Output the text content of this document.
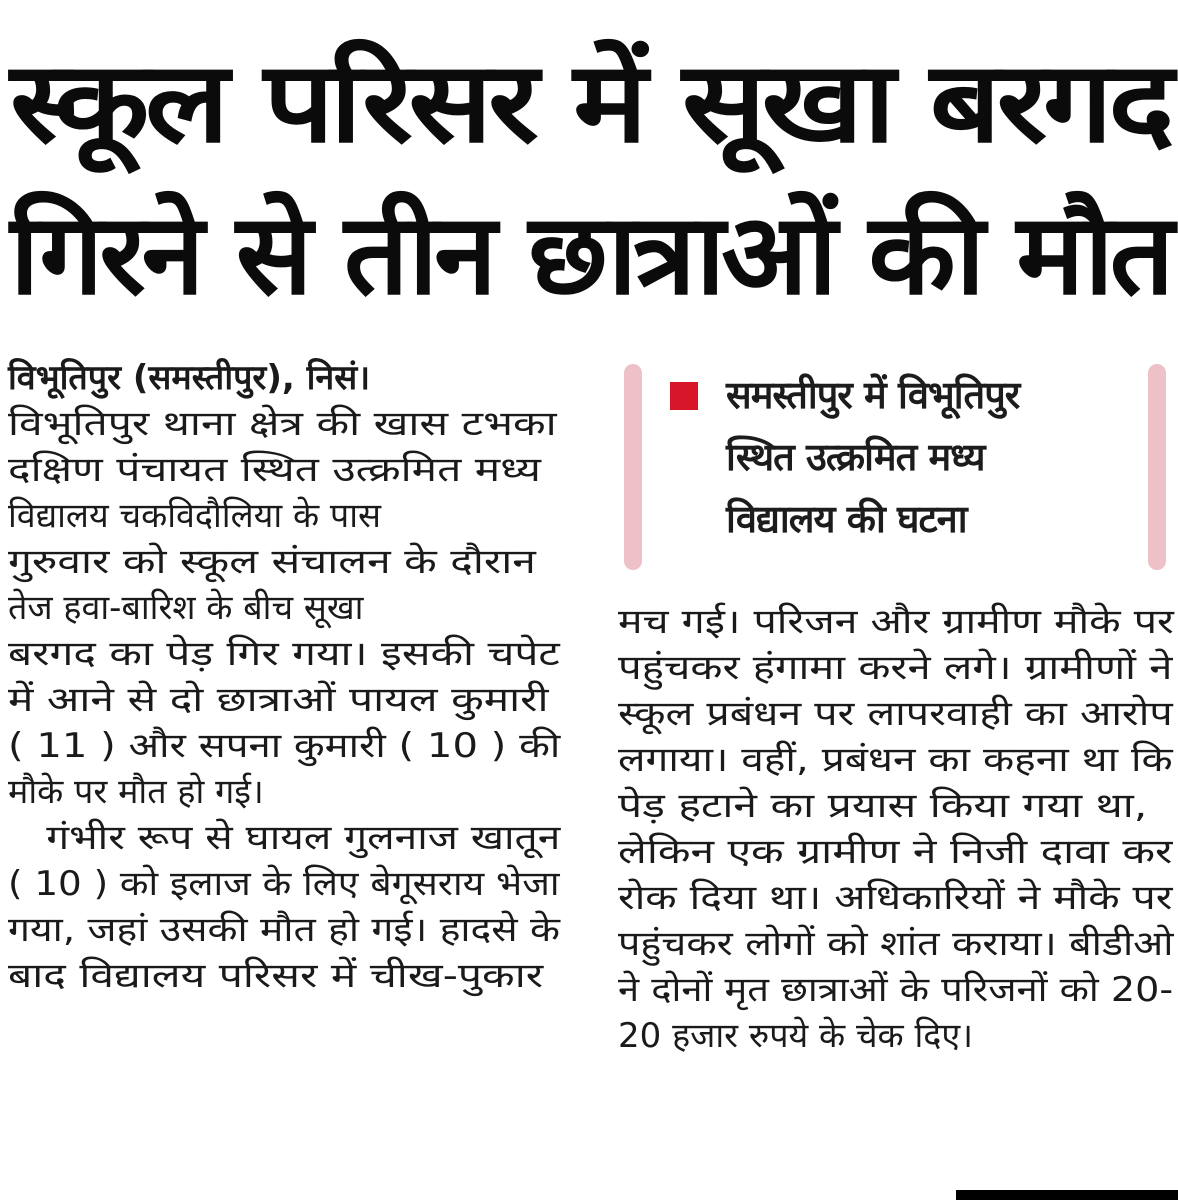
स्कूल परिसर में सूखा बरगद
गिरने से तीन छात्राओं की मौत
समस्तीपुर में विभूतिपुर
स्थित उत्क्रमित मध्य
विद्यालय की घटना
विभूतिपुर (समस्तीपुर), निसं।
विभूतिपुर थाना क्षेत्र की खास टभका
दक्षिण पंचायत स्थित उत्क्रमित मध्य
विद्यालय चकविदौलिया के पास
गुरुवार को स्कूल संचालन के दौरान
तेज हवा-बारिश के बीच सूखा
बरगद का पेड़ गिर गया। इसकी चपेट
में आने से दो छात्राओं पायल कुमारी
( 11 ) और सपना कुमारी ( 10 ) की
मौके पर मौत हो गई।
गंभीर रूप से घायल गुलनाज खातून
( 10 ) को इलाज के लिए बेगूसराय भेजा
गया, जहां उसकी मौत हो गई। हादसे के
बाद विद्यालय परिसर में चीख-पुकार
मच गई। परिजन और ग्रामीण मौके पर
पहुंचकर हंगामा करने लगे। ग्रामीणों ने
स्कूल प्रबंधन पर लापरवाही का आरोप
लगाया। वहीं, प्रबंधन का कहना था कि
पेड़ हटाने का प्रयास किया गया था,
लेकिन एक ग्रामीण ने निजी दावा कर
रोक दिया था। अधिकारियों ने मौके पर
पहुंचकर लोगों को शांत कराया। बीडीओ
ने दोनों मृत छात्राओं के परिजनों को 20-
20 हजार रुपये के चेक दिए।
